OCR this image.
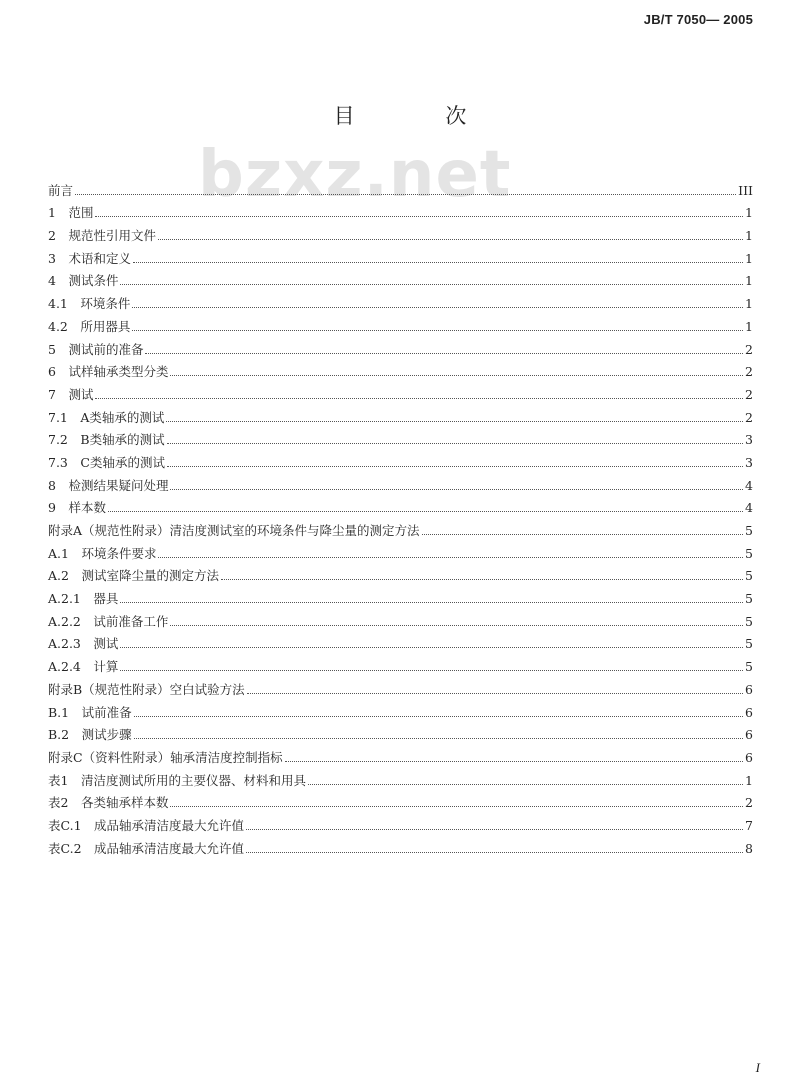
JB/T 7050— 2005
bzxz.net
目 次
前言	III
1　范围	1
2　规范性引用文件	1
3　术语和定义	1
4　测试条件	1
4.1　环境条件	1
4.2　所用器具	1
5　测试前的准备	2
6　试样轴承类型分类	2
7　测试	2
7.1　A类轴承的测试	2
7.2　B类轴承的测试	3
7.3　C类轴承的测试	3
8　检测结果疑问处理	4
9　样本数	4
附录A（规范性附录）清洁度测试室的环境条件与降尘量的测定方法	5
A.1　环境条件要求	5
A.2　测试室降尘量的测定方法	5
A.2.1　器具	5
A.2.2　试前准备工作	5
A.2.3　测试	5
A.2.4　计算	5
附录B（规范性附录）空白试验方法	6
B.1　试前准备	6
B.2　测试步骤	6
附录C（资料性附录）轴承清洁度控制指标	6
表1　清洁度测试所用的主要仪器、材料和用具	1
表2　各类轴承样本数	2
表C.1　成品轴承清洁度最大允许值	7
表C.2　成品轴承清洁度最大允许值	8
I
